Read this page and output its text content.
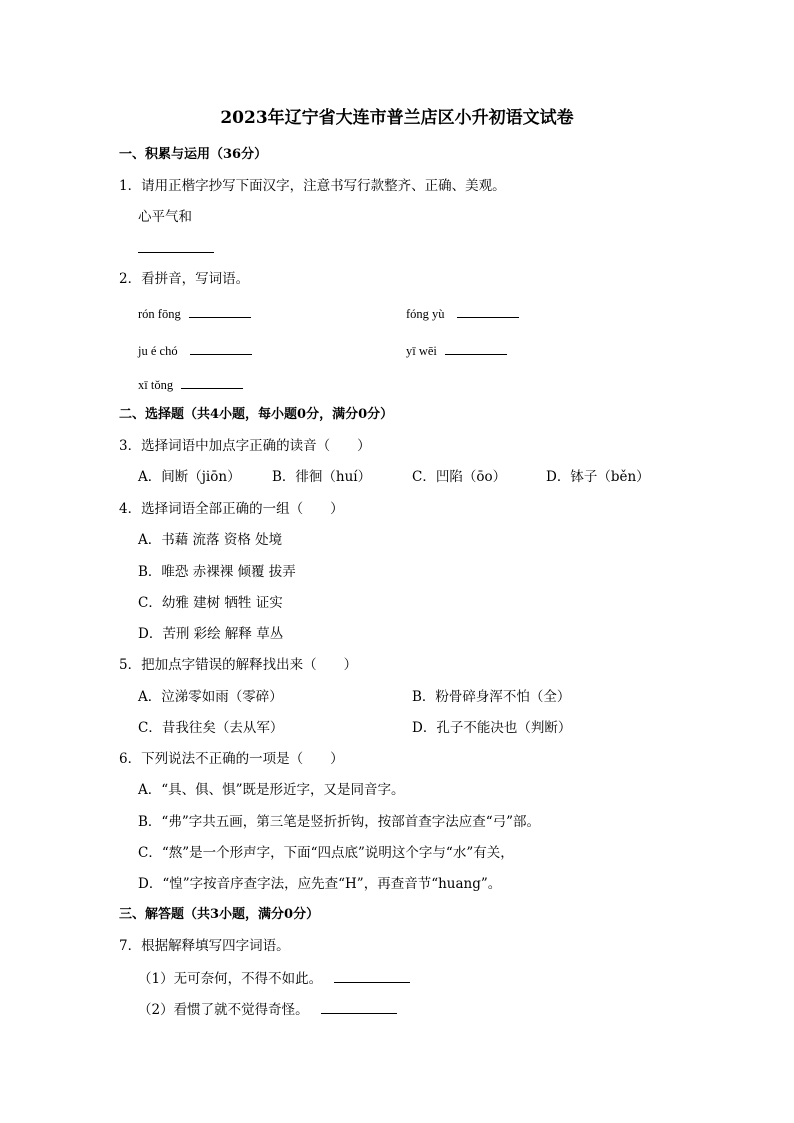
2023年辽宁省大连市普兰店区小升初语文试卷
一、积累与运用（36分）
1．请用正楷字抄写下面汉字，注意书写行款整齐、正确、美观。
心平气和
2．看拼音，写词语。
rón fōng	fóng yù
ju é chó	yī wēi
xī tǒng
二、选择题（共4小题，每小题0分，满分0分）
3．选择词语中加点字正确的读音（　　）
A．间断（jiōn） B．徘徊（huí）	C．凹陷（ōo）	D．钵子（běn）
4．选择词语全部正确的一组（　　）
A．书藉 流落 资格 处境
B．唯恐 赤裸裸 倾覆 拔弄
C．幼雅 建树 牺牲 证实
D．苦刑 彩绘 解释 草丛
5．把加点字错误的解释找出来（　　）
A．泣涕零如雨（零碎）	B．粉骨碎身浑不怕（全）
C．昔我往矣（去从军）	D．孔子不能决也（判断）
6．下列说法不正确的一项是（　　）
A．“具、俱、惧”既是形近字，又是同音字。
B．“弗”字共五画，第三笔是竖折折钩，按部首查字法应查“弓”部。
C．“熬”是一个形声字，下面“四点底”说明这个字与“水”有关，
D．“惶”字按音序查字法，应先查“H”，再查音节“huang”。
三、解答题（共3小题，满分0分）
7．根据解释填写四字词语。
（1）无可奈何，不得不如此。
（2）看惯了就不觉得奇怪。
